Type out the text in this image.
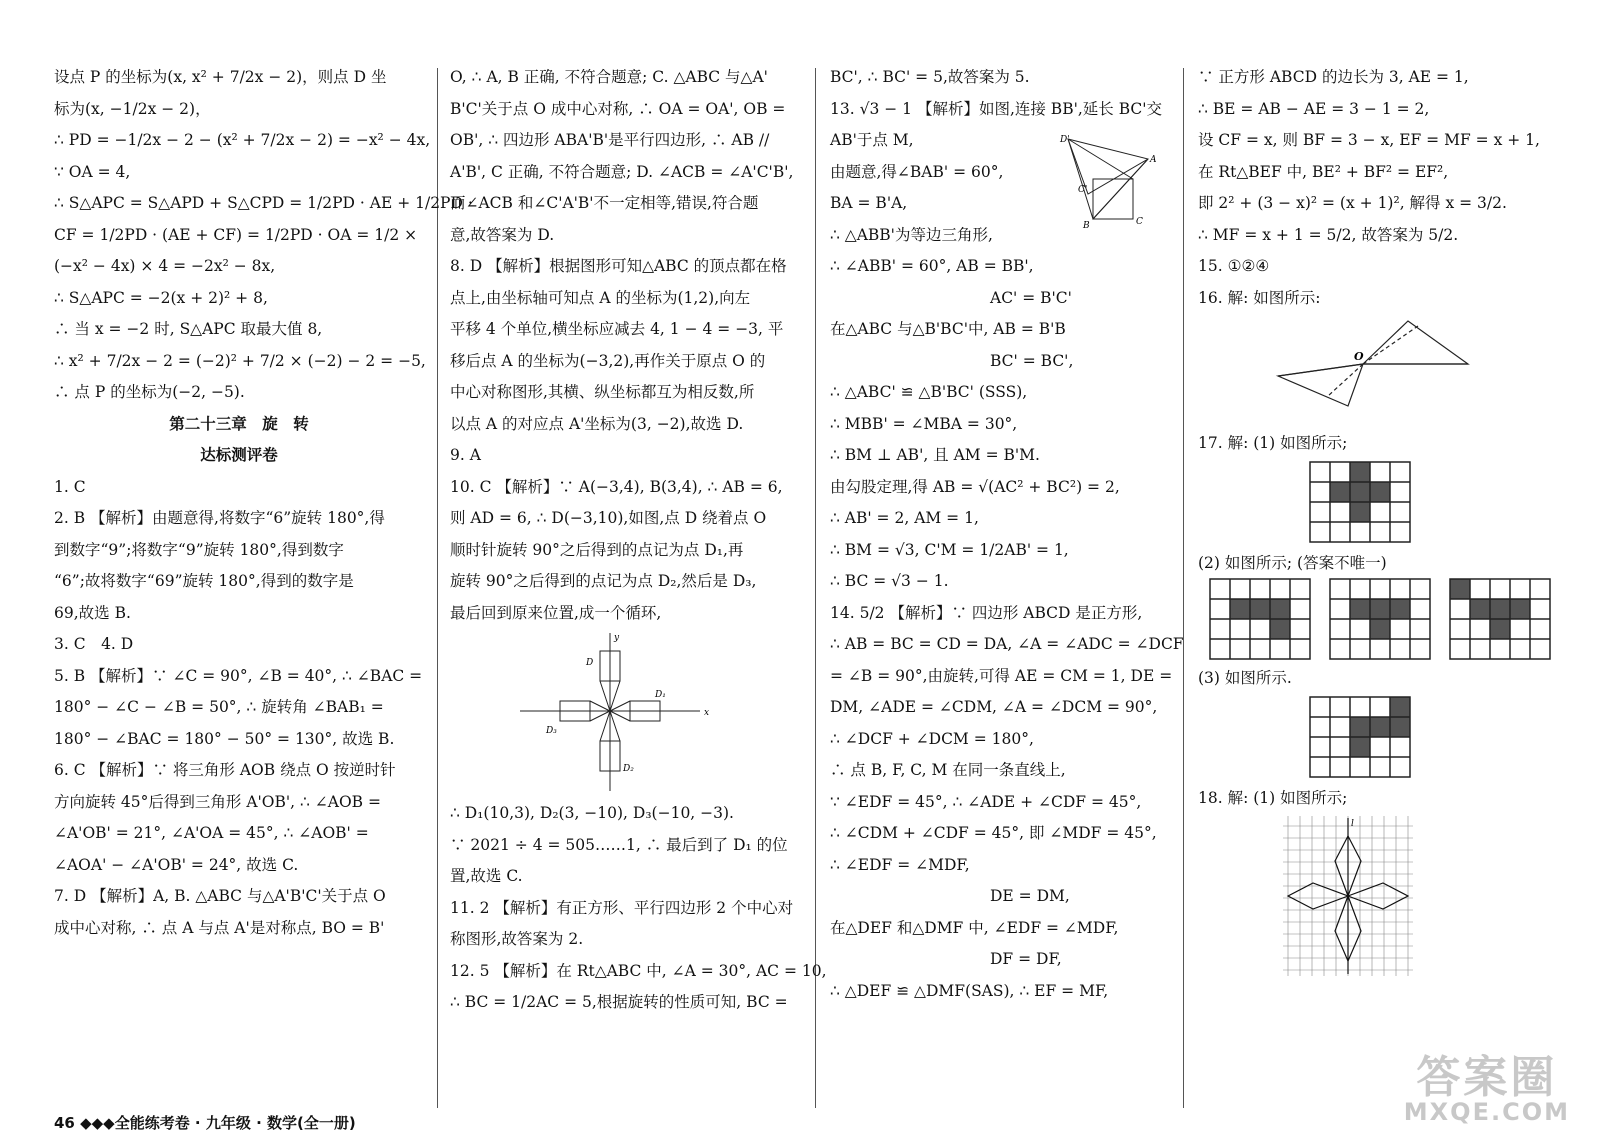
设点 P 的坐标为(x, x² + 7/2x − 2)，则点 D 坐

标为(x, −1/2x − 2)，

∴ PD = −1/2x − 2 − (x² + 7/2x − 2) = −x² − 4x,

∵ OA = 4,

∴ S△APC = S△APD + S△CPD = 1/2PD · AE + 1/2PD ·

CF = 1/2PD · (AE + CF) = 1/2PD · OA = 1/2 ×

(−x² − 4x) × 4 = −2x² − 8x,

∴ S△APC = −2(x + 2)² + 8,

∴ 当 x = −2 时, S△APC 取最大值 8,

∴ x² + 7/2x − 2 = (−2)² + 7/2 × (−2) − 2 = −5,

∴ 点 P 的坐标为(−2, −5).

第二十三章　旋　转

达标测评卷

1. C

2. B 【解析】由题意得,将数字“6”旋转 180°,得

到数字“9”;将数字“9”旋转 180°,得到数字

“6”;故将数字“69”旋转 180°,得到的数字是

69,故选 B.

3. C　4. D

5. B 【解析】∵ ∠C = 90°, ∠B = 40°, ∴ ∠BAC =

180° − ∠C − ∠B = 50°, ∴ 旋转角 ∠BAB₁ =

180° − ∠BAC = 180° − 50° = 130°, 故选 B.

6. C 【解析】∵ 将三角形 AOB 绕点 O 按逆时针

方向旋转 45°后得到三角形 A'OB', ∴ ∠AOB =

∠A'OB' = 21°, ∠A'OA = 45°, ∴ ∠AOB' =

∠AOA' − ∠A'OB' = 24°, 故选 C.

7. D 【解析】A, B. △ABC 与△A'B'C'关于点 O

成中心对称, ∴ 点 A 与点 A'是对称点, BO = B'

O, ∴ A, B 正确, 不符合题意; C. △ABC 与△A'

B'C'关于点 O 成中心对称, ∴ OA = OA', OB =

OB', ∴ 四边形 ABA'B'是平行四边形, ∴ AB //

A'B', C 正确, 不符合题意; D. ∠ACB = ∠A'C'B',

而∠ACB 和∠C'A'B'不一定相等,错误,符合题

意,故答案为 D.

8. D 【解析】根据图形可知△ABC 的顶点都在格

点上,由坐标轴可知点 A 的坐标为(1,2),向左

平移 4 个单位,横坐标应减去 4, 1 − 4 = −3, 平

移后点 A 的坐标为(−3,2),再作关于原点 O 的

中心对称图形,其横、纵坐标都互为相反数,所

以点 A 的对应点 A'坐标为(3, −2),故选 D.

9. A

10. C 【解析】∵ A(−3,4), B(3,4), ∴ AB = 6,

则 AD = 6, ∴ D(−3,10),如图,点 D 绕着点 O

顺时针旋转 90°之后得到的点记为点 D₁,再

旋转 90°之后得到的点记为点 D₂,然后是 D₃,

最后回到原来位置,成一个循环,

x
y
D
D₁
D₂
D₃

∴ D₁(10,3), D₂(3, −10), D₃(−10, −3).

∵ 2021 ÷ 4 = 505……1, ∴ 最后到了 D₁ 的位

置,故选 C.

11. 2 【解析】有正方形、平行四边形 2 个中心对

称图形,故答案为 2.

12. 5 【解析】在 Rt△ABC 中, ∠A = 30°, AC = 10,

∴ BC = 1/2AC = 5,根据旋转的性质可知, BC =

D'
A
B	C
C'

BC', ∴ BC' = 5,故答案为 5.

13. √3 − 1 【解析】如图,连接 BB',延长 BC'交

AB'于点 M,

由题意,得∠BAB' = 60°,

BA = B'A,

∴ △ABB'为等边三角形,

∴ ∠ABB' = 60°, AB = BB',

AC' = B'C'

在△ABC 与△B'BC'中, AB = B'B

BC' = BC',

∴ △ABC' ≌ △B'BC' (SSS),

∴ MBB' = ∠MBA = 30°,

∴ BM ⊥ AB', 且 AM = B'M.

由勾股定理,得 AB = √(AC² + BC²) = 2,

∴ AB' = 2, AM = 1,

∴ BM = √3, C'M = 1/2AB' = 1,

∴ BC = √3 − 1.

14. 5/2 【解析】∵ 四边形 ABCD 是正方形,

∴ AB = BC = CD = DA, ∠A = ∠ADC = ∠DCF

= ∠B = 90°,由旋转,可得 AE = CM = 1, DE =

DM, ∠ADE = ∠CDM, ∠A = ∠DCM = 90°,

∴ ∠DCF + ∠DCM = 180°,

∴ 点 B, F, C, M 在同一条直线上,

∵ ∠EDF = 45°, ∴ ∠ADE + ∠CDF = 45°,

∴ ∠CDM + ∠CDF = 45°, 即 ∠MDF = 45°,

∴ ∠EDF = ∠MDF,

DE = DM,

在△DEF 和△DMF 中, ∠EDF = ∠MDF,

DF = DF,

∴ △DEF ≌ △DMF(SAS), ∴ EF = MF,

∵ 正方形 ABCD 的边长为 3, AE = 1,

∴ BE = AB − AE = 3 − 1 = 2,

设 CF = x, 则 BF = 3 − x, EF = MF = x + 1,

在 Rt△BEF 中, BE² + BF² = EF²,

即 2² + (3 − x)² = (x + 1)², 解得 x = 3/2.

∴ MF = x + 1 = 5/2, 故答案为 5/2.

15. ①②④

16. 解: 如图所示:

O

17. 解: (1) 如图所示;

(2) 如图所示; (答案不唯一)

(3) 如图所示.

18. 解: (1) 如图所示;

l
46 ◆◆◆全能练考卷 · 九年级 · 数学(全一册)
答案圈
MXQE.COM
